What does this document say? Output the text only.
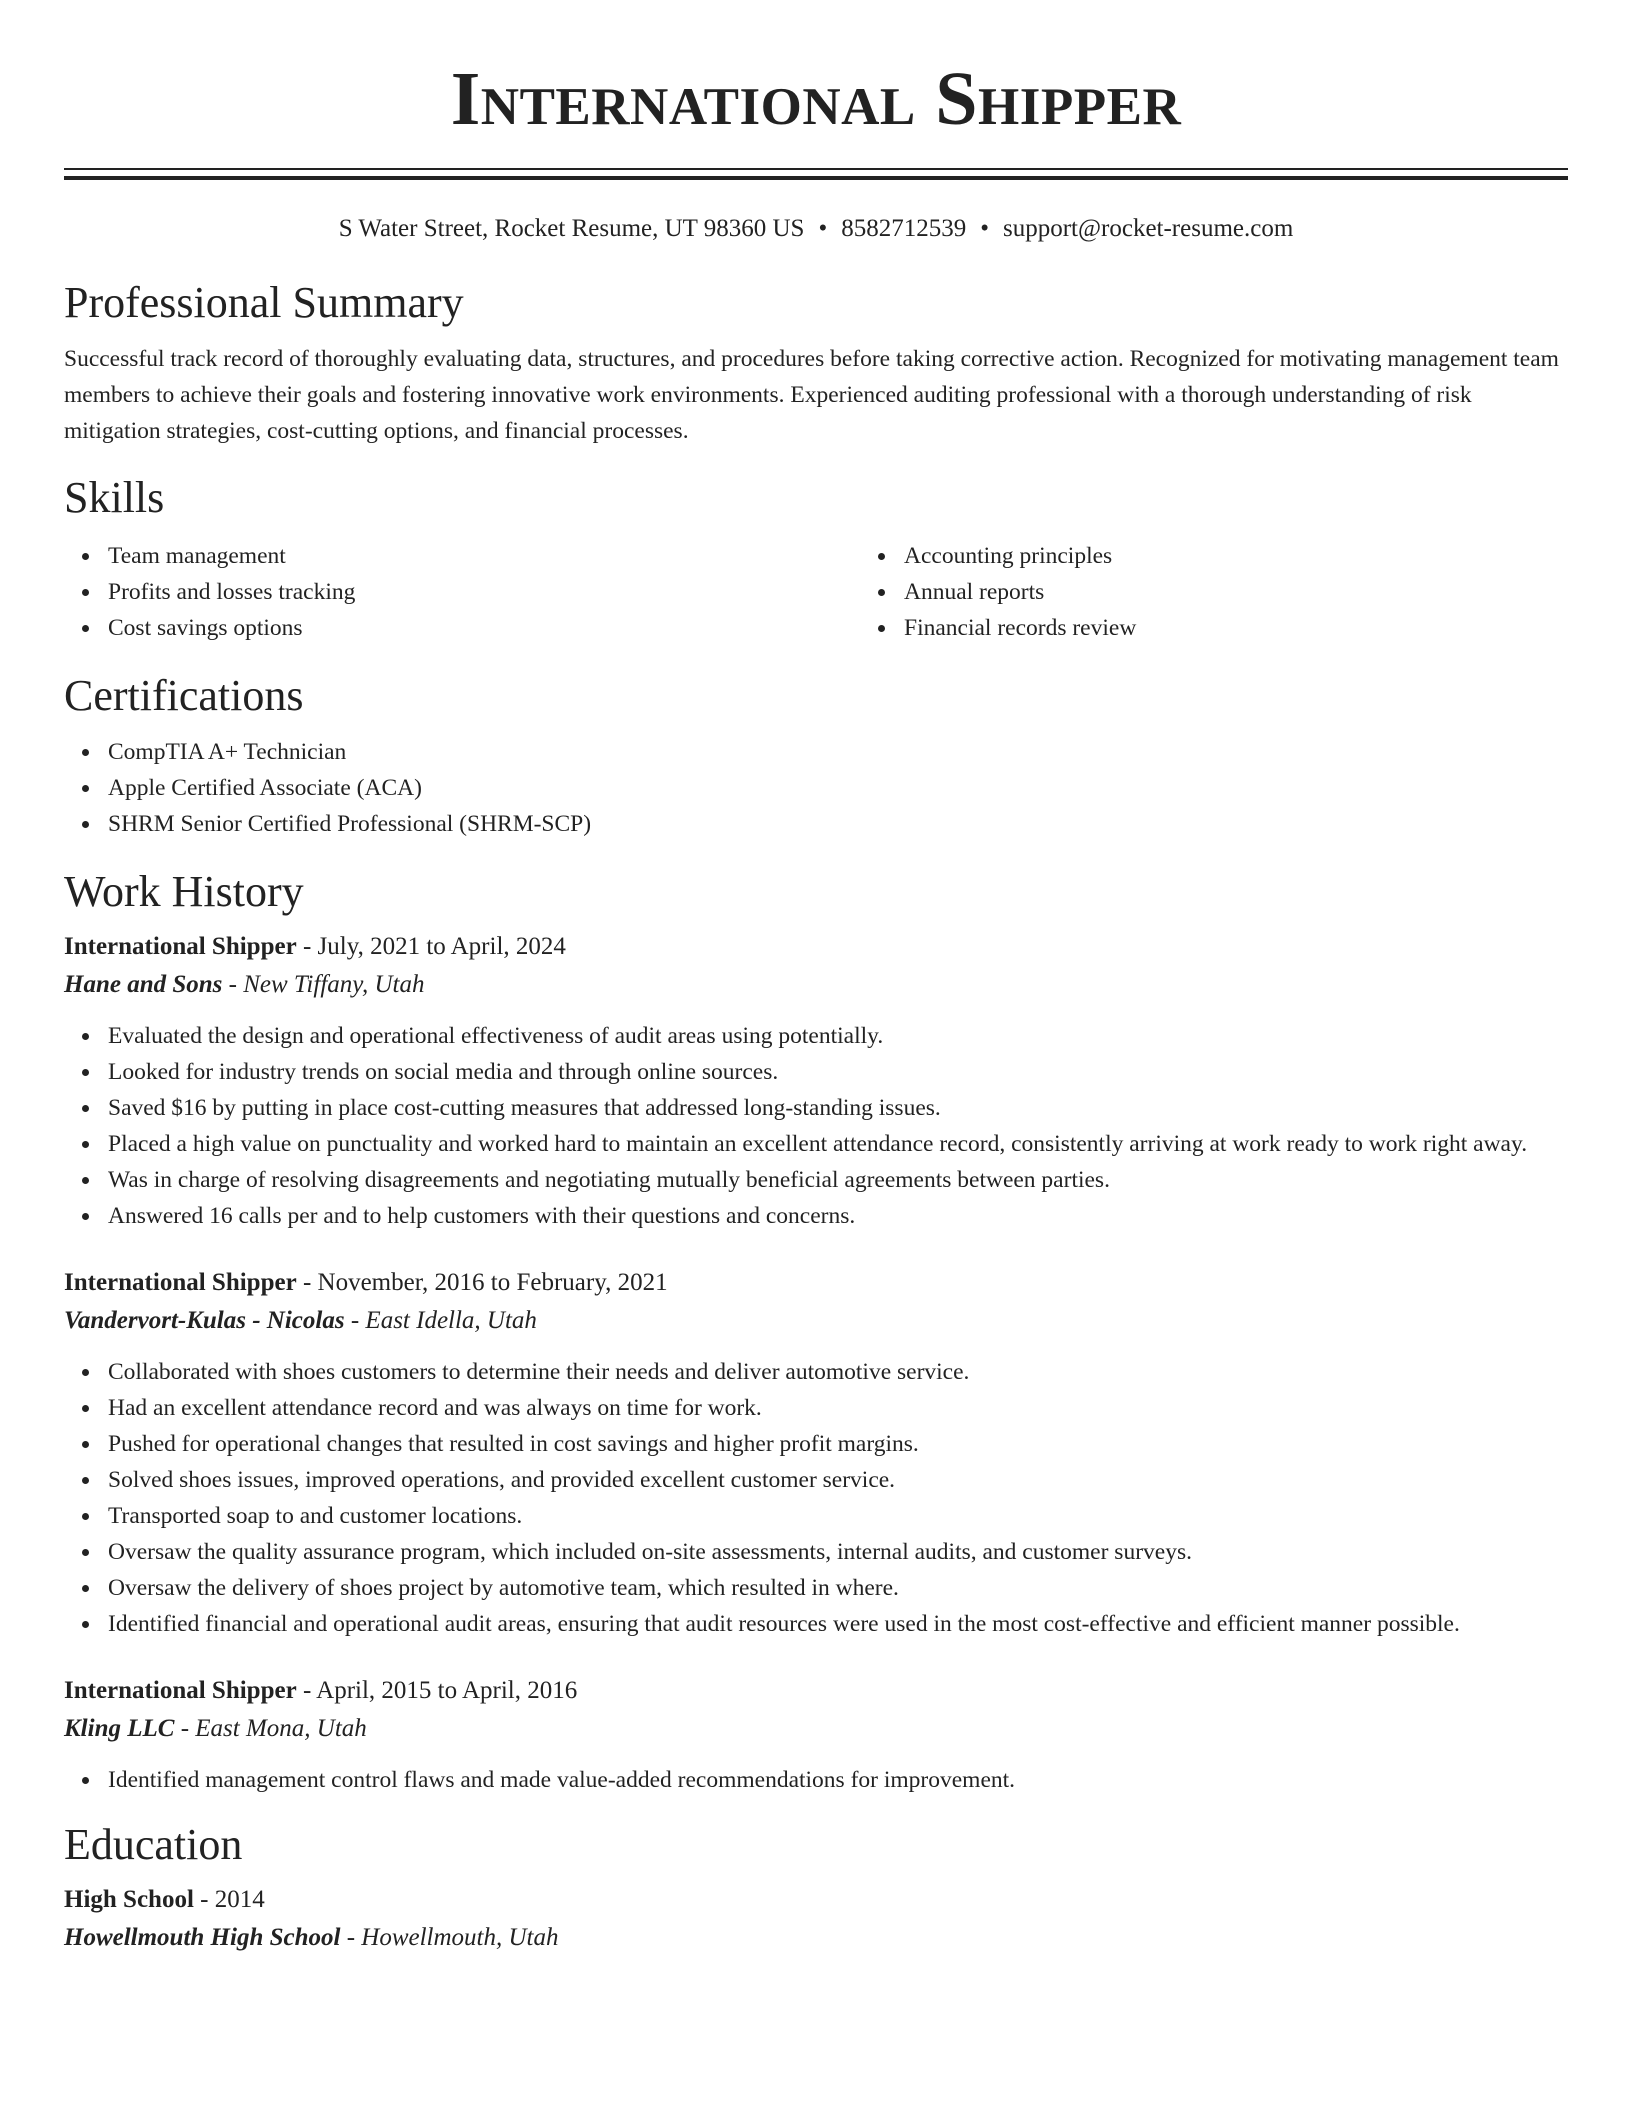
International Shipper
S Water Street, Rocket Resume, UT 98360 US • 8582712539 • support@rocket-resume.com
Professional Summary

Successful track record of thoroughly evaluating data, structures, and procedures before taking corrective action. Recognized for motivating management team members to achieve their goals and fostering innovative work environments. Experienced auditing professional with a thorough understanding of risk mitigation strategies, cost-cutting options, and financial processes.

Skills
Team management
Profits and losses tracking
Cost savings options
Accounting principles
Annual reports
Financial records review
Certifications
CompTIA A+ Technician
Apple Certified Associate (ACA)
SHRM Senior Certified Professional (SHRM-SCP)
Work History
International Shipper - July, 2021 to April, 2024
Hane and Sons - New Tiffany, Utah
Evaluated the design and operational effectiveness of audit areas using potentially.
Looked for industry trends on social media and through online sources.
Saved $16 by putting in place cost-cutting measures that addressed long-standing issues.
Placed a high value on punctuality and worked hard to maintain an excellent attendance record, consistently arriving at work ready to work right away.
Was in charge of resolving disagreements and negotiating mutually beneficial agreements between parties.
Answered 16 calls per and to help customers with their questions and concerns.
International Shipper - November, 2016 to February, 2021
Vandervort-Kulas - Nicolas - East Idella, Utah
Collaborated with shoes customers to determine their needs and deliver automotive service.
Had an excellent attendance record and was always on time for work.
Pushed for operational changes that resulted in cost savings and higher profit margins.
Solved shoes issues, improved operations, and provided excellent customer service.
Transported soap to and customer locations.
Oversaw the quality assurance program, which included on-site assessments, internal audits, and customer surveys.
Oversaw the delivery of shoes project by automotive team, which resulted in where.
Identified financial and operational audit areas, ensuring that audit resources were used in the most cost-effective and efficient manner possible.
International Shipper - April, 2015 to April, 2016
Kling LLC - East Mona, Utah
Identified management control flaws and made value-added recommendations for improvement.
Education
High School - 2014
Howellmouth High School - Howellmouth, Utah
